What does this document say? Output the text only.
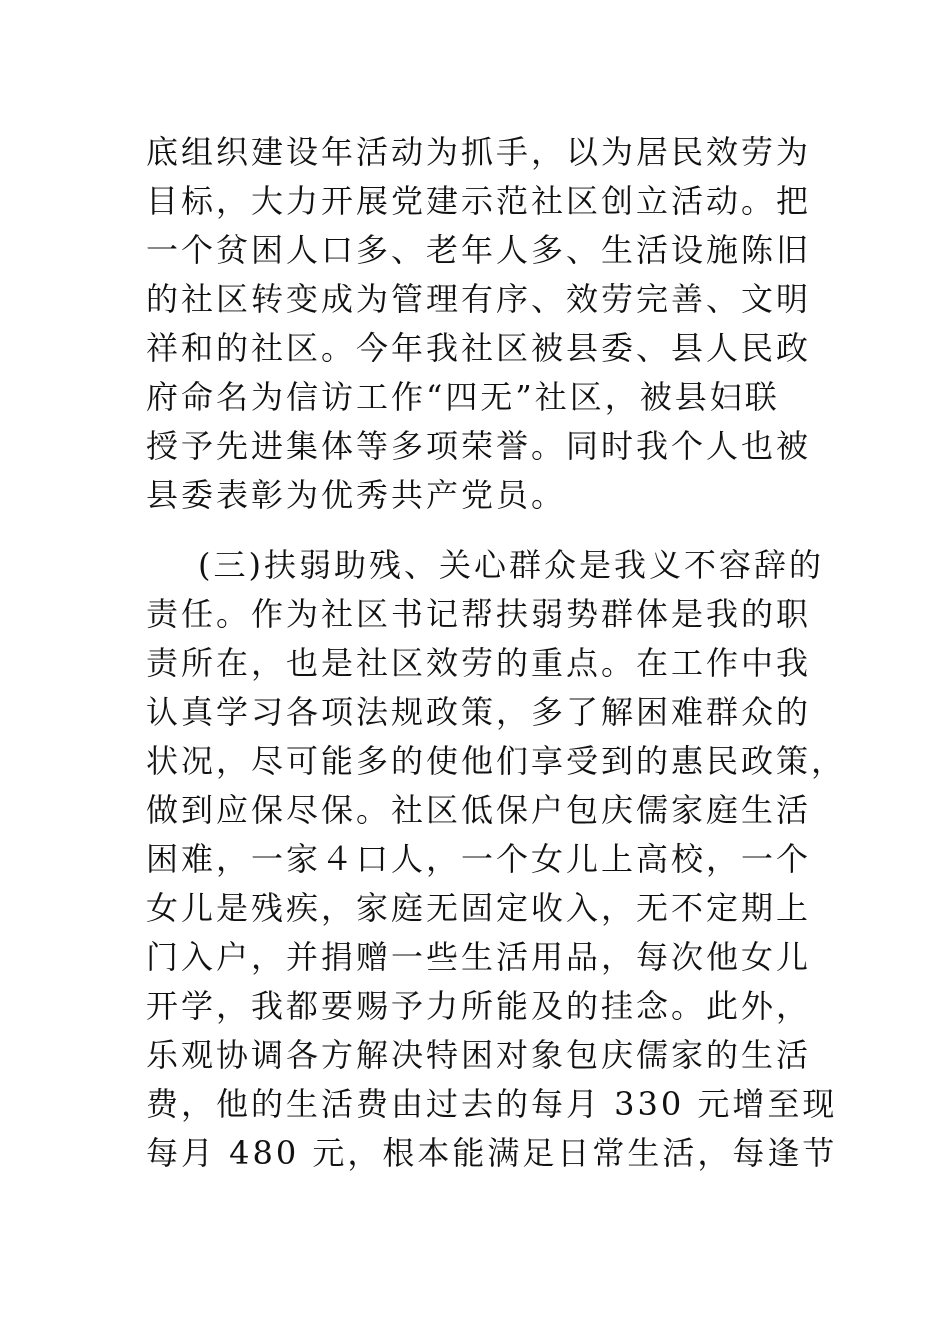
底组织建设年活动为抓手，以为居民效劳为
目标，大力开展党建示范社区创立活动。把
一个贫困人口多、老年人多、生活设施陈旧
的社区转变成为管理有序、效劳完善、文明
祥和的社区。今年我社区被县委、县人民政
府命名为信访工作“四无”社区，被县妇联
授予先进集体等多项荣誉。同时我个人也被
县委表彰为优秀共产党员。
(三)扶弱助残、关心群众是我义不容辞的
责任。作为社区书记帮扶弱势群体是我的职
责所在，也是社区效劳的重点。在工作中我
认真学习各项法规政策，多了解困难群众的
状况，尽可能多的使他们享受到的惠民政策，
做到应保尽保。社区低保户包庆儒家庭生活
困难，一家４口人，一个女儿上高校，一个
女儿是残疾，家庭无固定收入，无不定期上
门入户，并捐赠一些生活用品，每次他女儿
开学，我都要赐予力所能及的挂念。此外，
乐观协调各方解决特困对象包庆儒家的生活
费，他的生活费由过去的每月 330 元增至现
每月 480 元，根本能满足日常生活，每逢节
